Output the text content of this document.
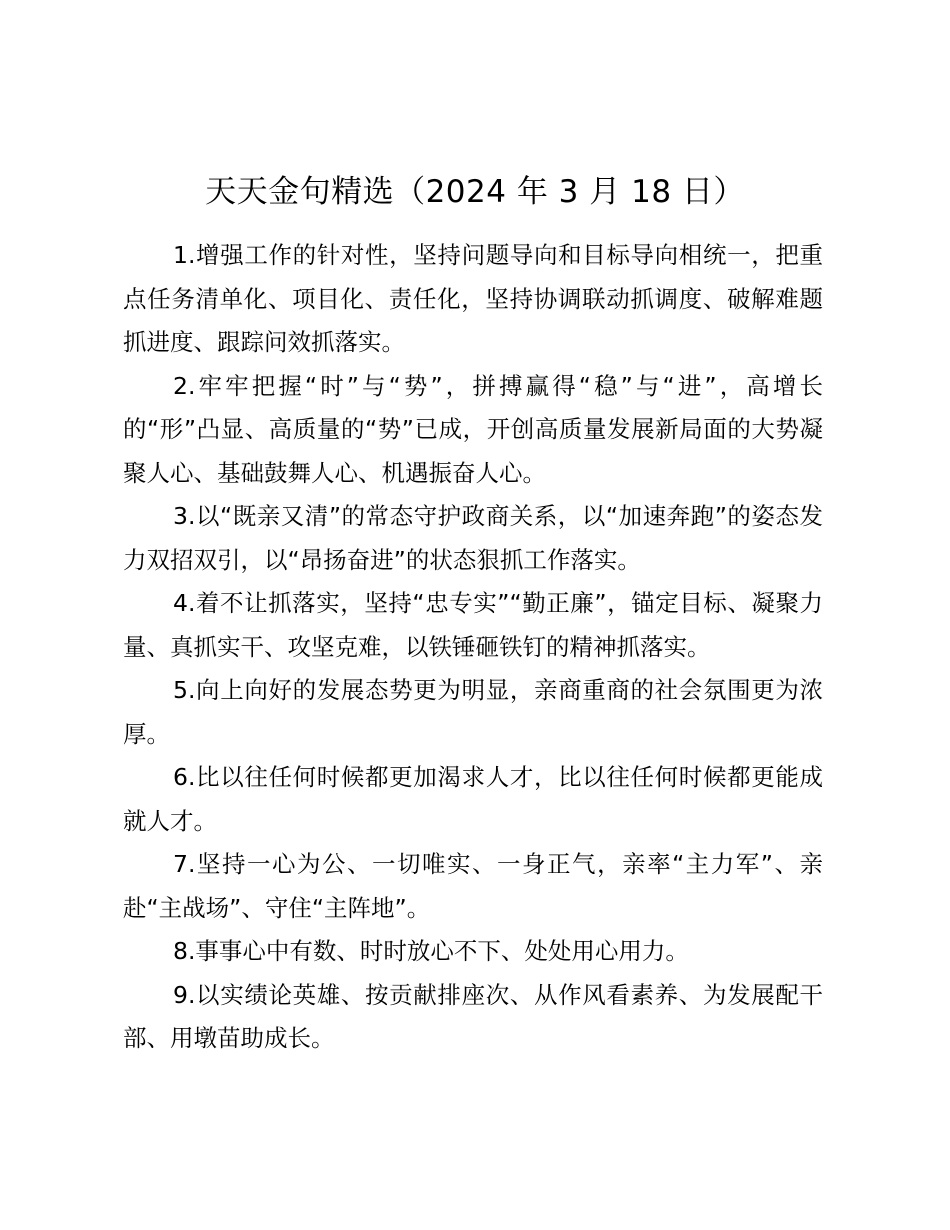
天天金句精选（2024 年 3 月 18 日）

1.增强工作的针对性，坚持问题导向和目标导向相统一，把重点任务清单化、项目化、责任化，坚持协调联动抓调度、破解难题抓进度、跟踪问效抓落实。

2.牢牢把握“时”与“势”，拼搏赢得“稳”与“进”，高增长的“形”凸显、高质量的“势”已成，开创高质量发展新局面的大势凝聚人心、基础鼓舞人心、机遇振奋人心。

3.以“既亲又清”的常态守护政商关系，以“加速奔跑”的姿态发力双招双引，以“昂扬奋进”的状态狠抓工作落实。

4.着不让抓落实，坚持“忠专实”“勤正廉”，锚定目标、凝聚力量、真抓实干、攻坚克难，以铁锤砸铁钉的精神抓落实。

5.向上向好的发展态势更为明显，亲商重商的社会氛围更为浓厚。

6.比以往任何时候都更加渴求人才，比以往任何时候都更能成就人才。

7.坚持一心为公、一切唯实、一身正气，亲率“主力军”、亲赴“主战场”、守住“主阵地”。

8.事事心中有数、时时放心不下、处处用心用力。

9.以实绩论英雄、按贡献排座次、从作风看素养、为发展配干部、用墩苗助成长。
